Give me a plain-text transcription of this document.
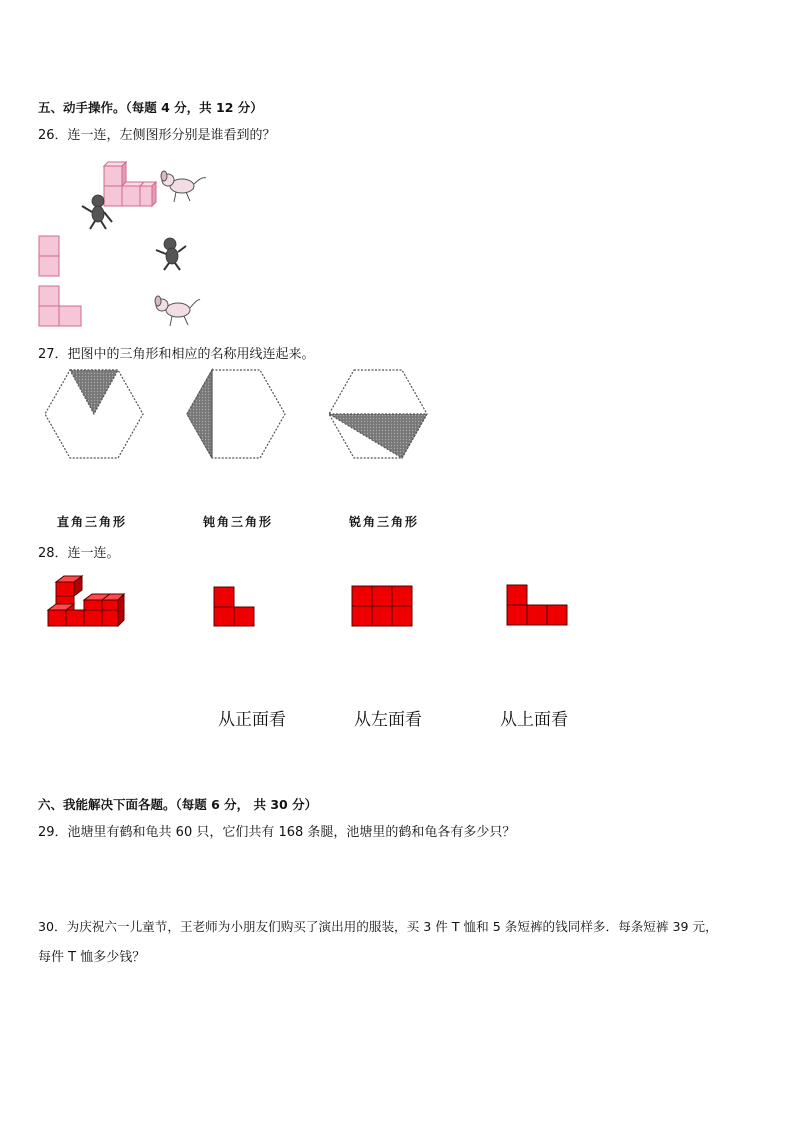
五、动手操作。（每题 4 分，共 12 分）
26．连一连，左侧图形分别是谁看到的？
27．把图中的三角形和相应的名称用线连起来。
直角三角形	钝角三角形	锐角三角形
28．连一连。
从正面看	从左面看	从上面看
六、我能解决下面各题。（每题 6 分， 共 30 分）
29．池塘里有鹤和龟共 60 只，它们共有 168 条腿，池塘里的鹤和龟各有多少只？
30．为庆祝六一儿童节，王老师为小朋友们购买了演出用的服装，买 3 件 T 恤和 5 条短裤的钱同样多．每条短裤 39 元，
每件 T 恤多少钱？
